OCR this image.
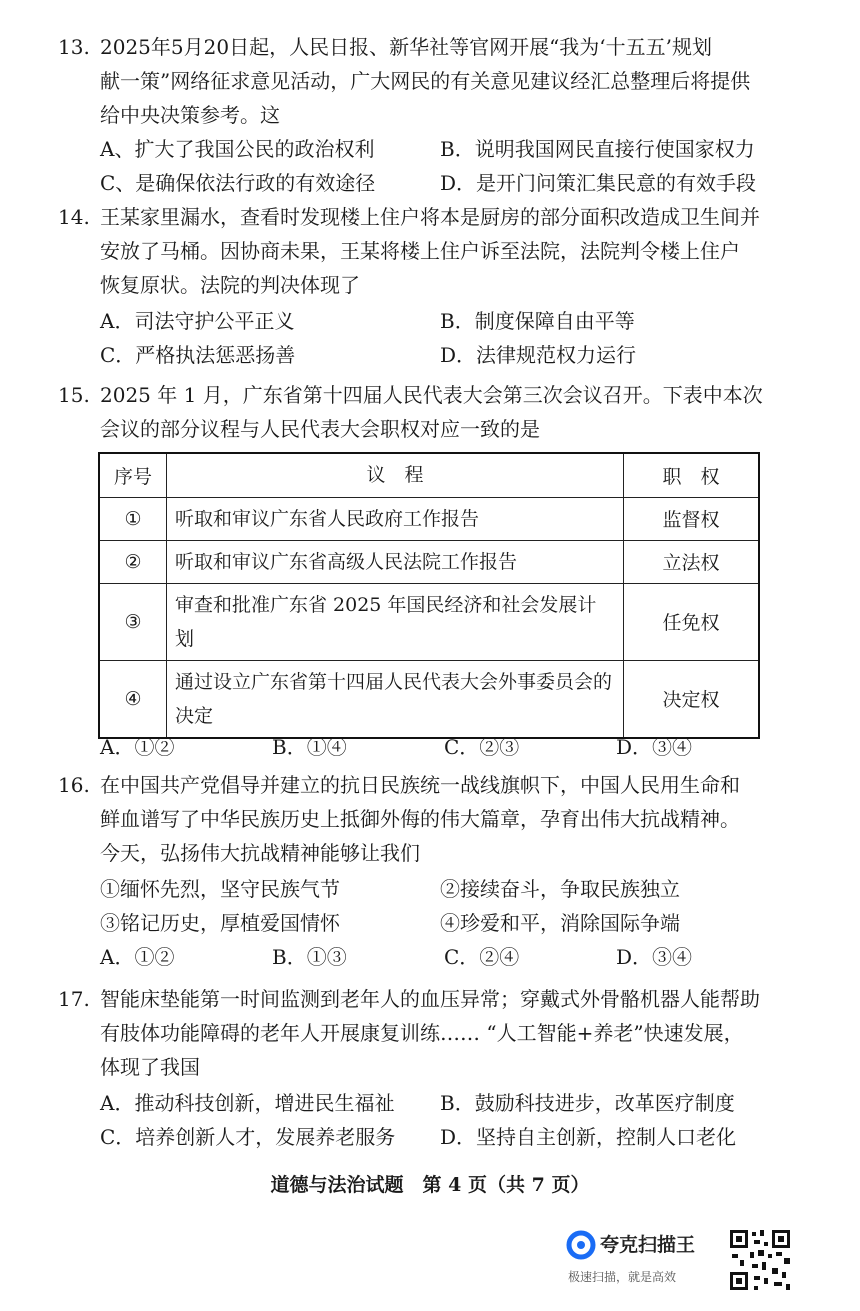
13. 2025年5月20日起，人民日报、新华社等官网开展“我为‘十五五’规划
献一策”网络征求意见活动，广大网民的有关意见建议经汇总整理后将提供
给中央决策参考。这
A、扩大了我国公民的政治权利	B．说明我国网民直接行使国家权力
C、是确保依法行政的有效途径	D．是开门问策汇集民意的有效手段
14. 王某家里漏水，查看时发现楼上住户将本是厨房的部分面积改造成卫生间并
安放了马桶。因协商未果，王某将楼上住户诉至法院，法院判令楼上住户
恢复原状。法院的判决体现了
A．司法守护公平正义	B．制度保障自由平等
C．严格执法惩恶扬善	D．法律规范权力运行
15. 2025 年 1 月，广东省第十四届人民代表大会第三次会议召开。下表中本次
会议的部分议程与人民代表大会职权对应一致的是
序号	议　程	职　权
①	听取和审议广东省人民政府工作报告	监督权
②	听取和审议广东省高级人民法院工作报告	立法权
③	审查和批准广东省 2025 年国民经济和社会发展计划	任免权
④	通过设立广东省第十四届人民代表大会外事委员会的决定	决定权
A．①②	B．①④	C．②③	D．③④
16. 在中国共产党倡导并建立的抗日民族统一战线旗帜下，中国人民用生命和
鲜血谱写了中华民族历史上抵御外侮的伟大篇章，孕育出伟大抗战精神。
今天，弘扬伟大抗战精神能够让我们
①缅怀先烈，坚守民族气节	②接续奋斗，争取民族独立
③铭记历史，厚植爱国情怀	④珍爱和平，消除国际争端
A．①②	B．①③	C．②④	D．③④
17. 智能床垫能第一时间监测到老年人的血压异常；穿戴式外骨骼机器人能帮助
有肢体功能障碍的老年人开展康复训练…… “人工智能+养老”快速发展，
体现了我国
A．推动科技创新，增进民生福祉	B．鼓励科技进步，改革医疗制度
C．培养创新人才，发展养老服务	D．坚持自主创新，控制人口老化
道德与法治试题　第 4 页（共 7 页）
夸克扫描王
极速扫描，就是高效
